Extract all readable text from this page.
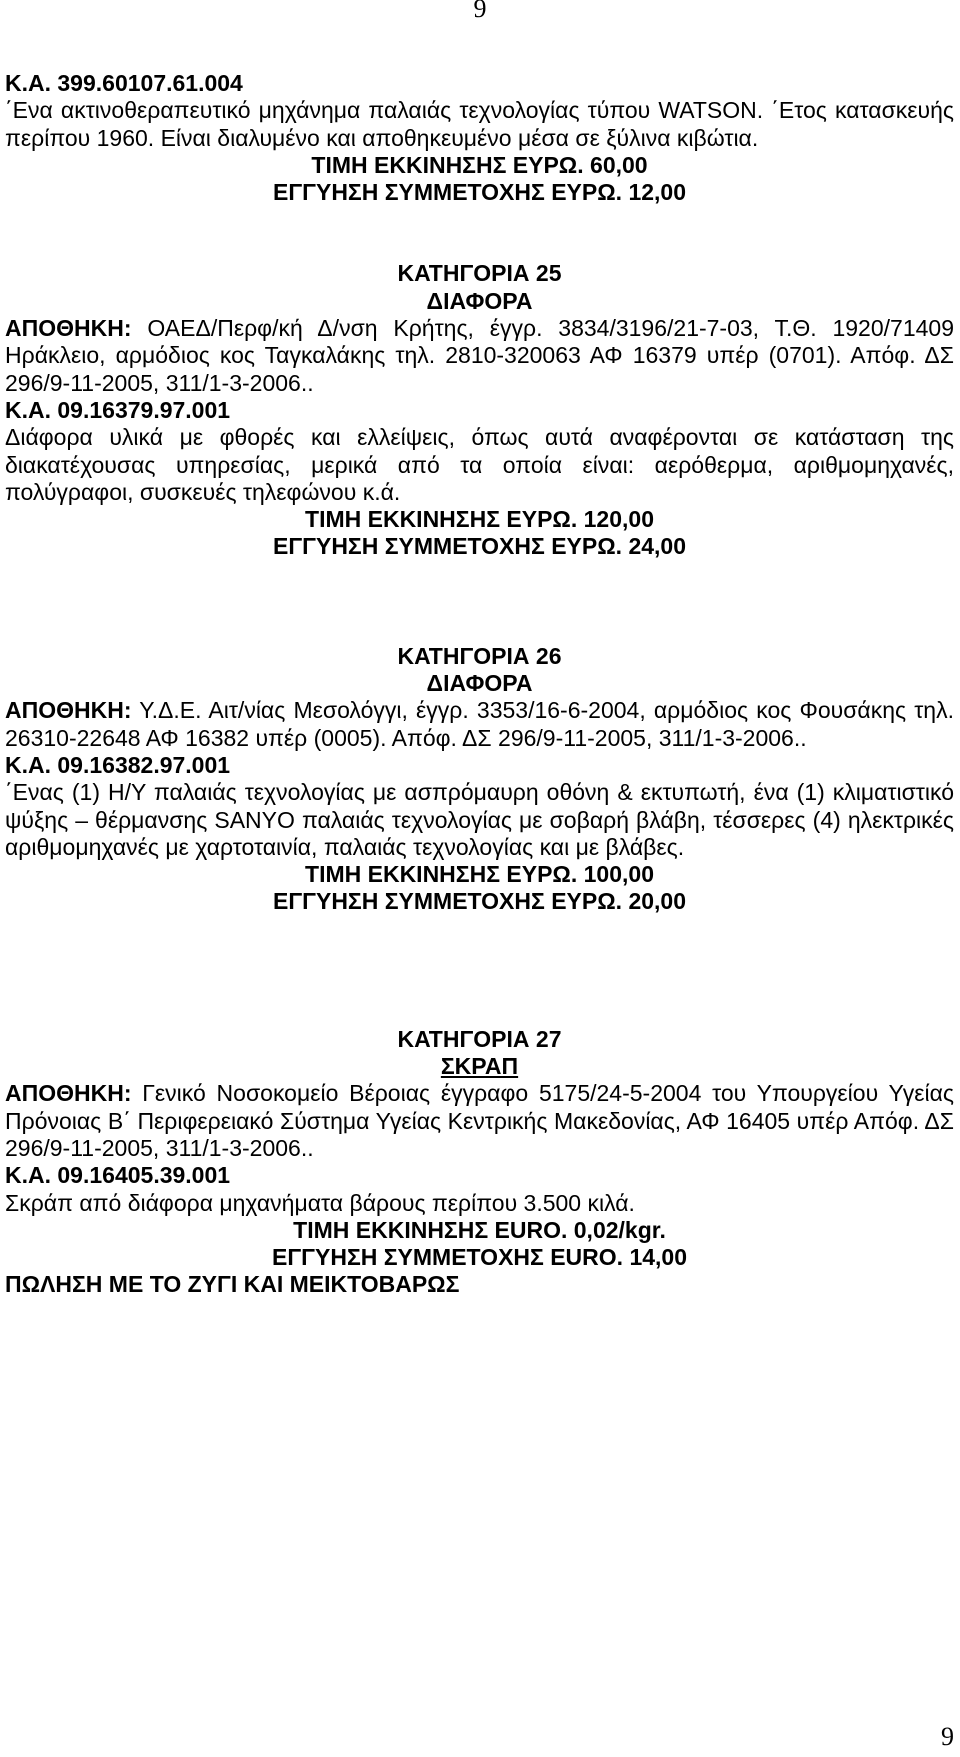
9

Κ.Α. 399.60107.61.004

΄Ενα ακτινοθεραπευτικό μηχάνημα παλαιάς τεχνολογίας τύπου WATSON. ΄Ετος κατασκευής περίπου 1960. Είναι διαλυμένο και αποθηκευμένο μέσα σε ξύλινα κιβώτια.

ΤΙΜΗ ΕΚΚΙΝΗΣΗΣ ΕΥΡΩ. 60,00

ΕΓΓΥΗΣΗ ΣΥΜΜΕΤΟΧΗΣ ΕΥΡΩ. 12,00

ΚΑΤΗΓΟΡΙΑ 25

ΔΙΑΦΟΡΑ

ΑΠΟΘΗΚΗ: ΟΑΕΔ/Περφ/κή Δ/νση Κρήτης, έγγρ. 3834/3196/21-7-03, Τ.Θ. 1920/71409 Ηράκλειο, αρμόδιος κος Ταγκαλάκης τηλ. 2810-320063 ΑΦ 16379 υπέρ (0701). Απόφ. ΔΣ 296/9-11-2005, 311/1-3-2006..

Κ.Α. 09.16379.97.001

Διάφορα υλικά με φθορές και ελλείψεις, όπως αυτά αναφέρονται σε κατάσταση της διακατέχουσας υπηρεσίας, μερικά από τα οποία είναι: αερόθερμα, αριθμομηχανές, πολύγραφοι, συσκευές τηλεφώνου κ.ά.

ΤΙΜΗ ΕΚΚΙΝΗΣΗΣ ΕΥΡΩ. 120,00

ΕΓΓΥΗΣΗ ΣΥΜΜΕΤΟΧΗΣ ΕΥΡΩ. 24,00

ΚΑΤΗΓΟΡΙΑ 26

ΔΙΑΦΟΡΑ

ΑΠΟΘΗΚΗ: Υ.Δ.Ε. Αιτ/νίας Μεσολόγγι, έγγρ. 3353/16-6-2004, αρμόδιος κος Φουσάκης τηλ. 26310-22648 ΑΦ 16382 υπέρ (0005). Απόφ. ΔΣ 296/9-11-2005, 311/1-3-2006..

Κ.Α. 09.16382.97.001

΄Ενας (1) Η/Υ παλαιάς τεχνολογίας με ασπρόμαυρη οθόνη & εκτυπωτή, ένα (1) κλιματιστικό ψύξης – θέρμανσης SANYO παλαιάς τεχνολογίας με σοβαρή βλάβη, τέσσερες (4) ηλεκτρικές αριθμομηχανές με χαρτοταινία, παλαιάς τεχνολογίας και με βλάβες.

ΤΙΜΗ ΕΚΚΙΝΗΣΗΣ ΕΥΡΩ. 100,00

ΕΓΓΥΗΣΗ ΣΥΜΜΕΤΟΧΗΣ ΕΥΡΩ. 20,00

ΚΑΤΗΓΟΡΙΑ 27

ΣΚΡΑΠ

ΑΠΟΘΗΚΗ: Γενικό Νοσοκομείο Βέροιας έγγραφο 5175/24-5-2004 του Υπουργείου Υγείας Πρόνοιας Β΄ Περιφερειακό Σύστημα Υγείας Κεντρικής Μακεδονίας, ΑΦ 16405 υπέρ Απόφ. ΔΣ 296/9-11-2005, 311/1-3-2006..

Κ.Α. 09.16405.39.001

Σκράπ από διάφορα μηχανήματα βάρους περίπου 3.500 κιλά.

ΤΙΜΗ ΕΚΚΙΝΗΣΗΣ EURO. 0,02/kgr.

ΕΓΓΥΗΣΗ ΣΥΜΜΕΤΟΧΗΣ EURO. 14,00

ΠΩΛΗΣΗ ΜΕ ΤΟ ΖΥΓΙ ΚΑΙ ΜΕΙΚΤΟΒΑΡΩΣ

9
